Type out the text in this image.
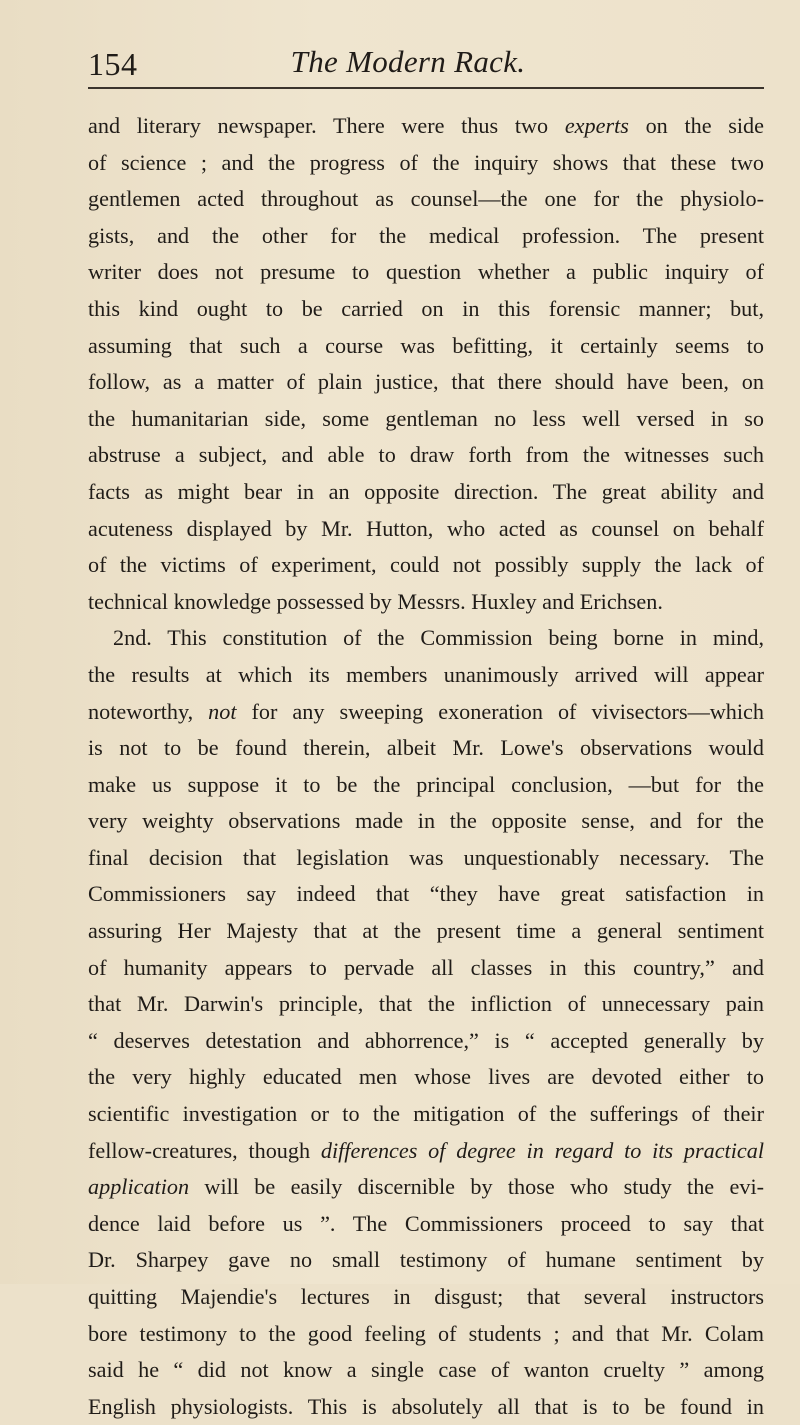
154	The Modern Rack.
and literary newspaper. There were thus two experts on the side
of science ; and the progress of the inquiry shows that these two
gentlemen acted throughout as counsel—the one for the physiolo-
gists, and the other for the medical profession. The present
writer does not presume to question whether a public inquiry of
this kind ought to be carried on in this forensic manner; but,
assuming that such a course was befitting, it certainly seems to
follow, as a matter of plain justice, that there should have been, on
the humanitarian side, some gentleman no less well versed in so
abstruse a subject, and able to draw forth from the witnesses such
facts as might bear in an opposite direction. The great ability and
acuteness displayed by Mr. Hutton, who acted as counsel on behalf
of the victims of experiment, could not possibly supply the lack of
technical knowledge possessed by Messrs. Huxley and Erichsen.
2nd. This constitution of the Commission being borne in mind,
the results at which its members unanimously arrived will appear
noteworthy, not for any sweeping exoneration of vivisectors—which
is not to be found therein, albeit Mr. Lowe's observations would
make us suppose it to be the principal conclusion, —but for the
very weighty observations made in the opposite sense, and for the
final decision that legislation was unquestionably necessary. The
Commissioners say indeed that “they have great satisfaction in
assuring Her Majesty that at the present time a general sentiment
of humanity appears to pervade all classes in this country,” and
that Mr. Darwin's principle, that the infliction of unnecessary pain
“ deserves detestation and abhorrence,” is “ accepted generally by
the very highly educated men whose lives are devoted either to
scientific investigation or to the mitigation of the sufferings of their
fellow-creatures, though differences of degree in regard to its practical
application will be easily discernible by those who study the evi-
dence laid before us ”. The Commissioners proceed to say that
Dr. Sharpey gave no small testimony of humane sentiment by
quitting Majendie's lectures in disgust; that several instructors
bore testimony to the good feeling of students ; and that Mr. Colam
said he “ did not know a single case of wanton cruelty ” among
English physiologists. This is absolutely all that is to be found in
